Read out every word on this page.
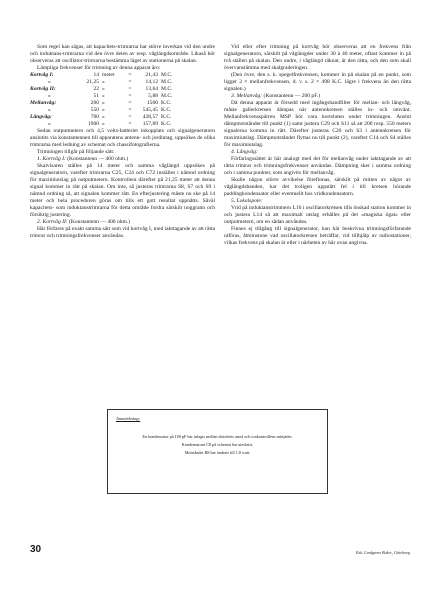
Som regel kan sägas, att kapacitets-trimrarna har större inverkan vid den undre och induktans-trimrarna vid den övre delen av resp. våglängdsområde. Likaså bör observeras att oscillator-trimrarna bestämma läget av stationerna på skalan.

Lämpliga frekvenser för trimning av denna apparat äro:

Kortvåg I:	14 meter	=	21,43 M.C.
»	21,25 »	=	14,12 M.C.
Kortvåg II:	22 »	=	13,64 M.C.
»	51 »	=	5,88 M.C.
Mellanvåg:	200 »	=	1500 K.C.
»	550 »	=	545,45 K.C.
Långvåg:	700 »	=	428,57 K.C.
»	1900 »	=	157,89 K.C.

Sedan outputmetern och 4,5 volts-batteriet inkopplats och signalgeneratorn anslutits via konstantennen till apparatens antenn- och jordintag, uppsökes de olika trimrarna med ledning av schemat och chassifotografierna.

Trimningen tillgår på följande sätt:

1. Kortvåg I: (Konstantenn — 400 ohm.)

Skalvisaren ställes på 14 meter och samma våglängd uppsökes på signalgeneratorn, varefter trimrarna C25, C24 och C72 inställes i nämnd ordning för maximiutslag på outputmetern. Kontrollera därefter på 21,25 meter att denna signal kommer in rätt på skalan. Om inte, så justeras trimrarna S8, S7 och S9 i nämnd ordning så, att signalen kommer rätt. En efterjustering måste nu ske på 14 meter och hela proceduren göras om tills ett gott resultat uppnåtts. Såväl kapacitets- som induktanstrimrarna för detta område fordra särskilt noggrann och försiktig justering.

2. Kortvåg II: (Konstantenn — 400 ohm.)

Här förfares på exakt samma sätt som vid kortvåg I, med iakttagande av att rätta trimrar och trimningsfrekvenser användas.

Vid eller efter trimning på kortvåg bör observeras att en frekvens från signalgeneratorn, särskilt på våglängder under 30 à 40 meter, oftast kommer in på två ställen på skalan. Den undre, i våglängd räknat, är den rätta, och den som skall övervanstämma med skalgraderingen.

(Den övre, den s. k. spegelfrekvensen, kommer in på skalan på en punkt, som ligger 2 × mellanfrekvensen, d. v. s. 2 × 498 K.C. lägre i frekvens än den rätta signalen.)

3. Mellanvåg: (Konstantenn — 200 pF.)

Då denna apparat är försedd med ingångshandfilter för mellan- och långvåg, måste gallerkretsen dämpas när antennkretsen ställes in- och omvänt. Mellanfrekvensspärren MSP bör vara kortsluten under trimningen. Anslut dämpmotståndet till punkt (1) samt justera C29 och S11 så att 200 resp. 550 meters signalerna komma in rätt. Därefter justeras C20 och S3 i antennkretsen för maximiutslag. Dämpmotståndet flyttas nu till punkt (2), varefter C14 och S4 ställes för maximiutslag.

4. Långvåg:

Förfaringssättet är här analogt med det för mellanvåg under iakttagande av att rätta trimrar och trimningsfrekvenser användas. Dämpning sker i samma ordning och i samma punkter, som angivits för mellanvåg.

Skulle någon större avvikelse förefinnas, särskilt på mitten av något av våglängdsbanden, har det troligen uppstått fel i till kretsen hörande paddingkondensator eller eventuellt hos vridkondensatorn.

5. Lokalspole:

Vrid på induktanstrimmern L16 i oscillatorkretsen tills önskad station kommer in och justera L14 så att maximalt utslag erhålles på det »magiska ögat» eller outputmetern, om en sådan användes.

Finnes ej tillgång till signalgenerator, kan här beskrivna trimningsförfarande utföras, åtminstone vad oscillatorkretsen beträffar, vid tillhjälp av radiostationer, vilkas frekvens på skalan är eller i närheten av här ovan angivna.

Anmärkning:
En kondensator på 100 pF har inlagts mellan slutrörets anod och tonkontrollens mittjäder.
Kondensatorn C8 på schemat har utesluits.
Motståndet R8 har ändrats till 1,8 watt.
30	Esk. Lindgrens Boktr., Göteborg
